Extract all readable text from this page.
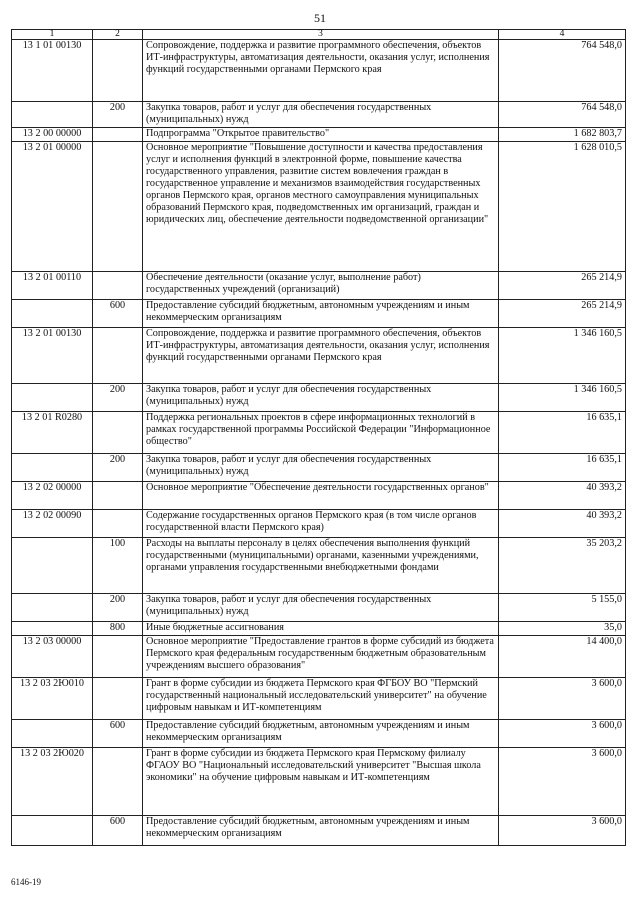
51
1	2	3	4
13 1 01 00130		Сопровождение, поддержка и развитие программного обеспечения, объектов ИТ-инфраструктуры, автоматизация деятельности, оказания услуг, исполнения функций государственными органами Пермского края	764 548,0
	200	Закупка товаров, работ и услуг для обеспечения государственных (муниципальных) нужд	764 548,0
13 2 00 00000		Подпрограмма "Открытое правительство"	1 682 803,7
13 2 01 00000		Основное мероприятие "Повышение доступности и качества предоставления услуг и исполнения функций в электронной форме, повышение качества государственного управления, развитие систем вовлечения граждан в государственное управление и механизмов взаимодействия государственных органов Пермского края, органов местного самоуправления муниципальных образований Пермского края, подведомственных им организаций, граждан и юридических лиц, обеспечение деятельности подведомственной организации"	1 628 010,5
13 2 01 00110		Обеспечение деятельности (оказание услуг, выполнение работ) государственных учреждений (организаций)	265 214,9
	600	Предоставление субсидий бюджетным, автономным учреждениям и иным некоммерческим организациям	265 214,9
13 2 01 00130		Сопровождение, поддержка и развитие программного обеспечения, объектов ИТ-инфраструктуры, автоматизация деятельности, оказания услуг, исполнения функций государственными органами Пермского края	1 346 160,5
	200	Закупка товаров, работ и услуг для обеспечения государственных (муниципальных) нужд	1 346 160,5
13 2 01 R0280		Поддержка региональных проектов в сфере информационных технологий в рамках государственной программы Российской Федерации "Информационное общество"	16 635,1
	200	Закупка товаров, работ и услуг для обеспечения государственных (муниципальных) нужд	16 635,1
13 2 02 00000		Основное мероприятие "Обеспечение деятельности государственных органов"	40 393,2
13 2 02 00090		Содержание государственных органов Пермского края (в том числе органов государственной власти Пермского края)	40 393,2
	100	Расходы на выплаты персоналу в целях обеспечения выполнения функций государственными (муниципальными) органами, казенными учреждениями, органами управления государственными внебюджетными фондами	35 203,2
	200	Закупка товаров, работ и услуг для обеспечения государственных (муниципальных) нужд	5 155,0
	800	Иные бюджетные ассигнования	35,0
13 2 03 00000		Основное мероприятие "Предоставление грантов в форме субсидий из бюджета Пермского края федеральным государственным бюджетным образовательным учреждениям высшего образования"	14 400,0
13 2 03 2Ю010		Грант в форме субсидии из бюджета Пермского края ФГБОУ ВО "Пермский государственный национальный исследовательский университет" на обучение цифровым навыкам и ИТ-компетенциям	3 600,0
	600	Предоставление субсидий бюджетным, автономным учреждениям и иным некоммерческим организациям	3 600,0
13 2 03 2Ю020		Грант в форме субсидии из бюджета Пермского края Пермскому филиалу ФГАОУ ВО "Национальный исследовательский университет "Высшая школа экономики" на обучение цифровым навыкам и ИТ-компетенциям	3 600,0
	600	Предоставление субсидий бюджетным, автономным учреждениям и иным некоммерческим организациям	3 600,0
6146-19
